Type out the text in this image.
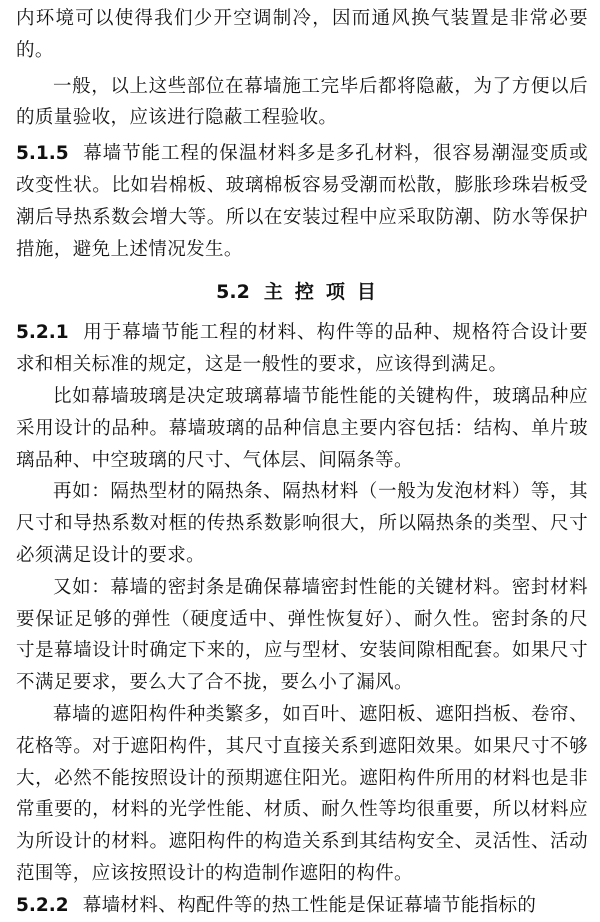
内环境可以使得我们少开空调制冷，因而通风换气装置是非常必要的。

一般，以上这些部位在幕墙施工完毕后都将隐蔽，为了方便以后的质量验收，应该进行隐蔽工程验收。

5.1.5 幕墙节能工程的保温材料多是多孔材料，很容易潮湿变质或改变性状。比如岩棉板、玻璃棉板容易受潮而松散，膨胀珍珠岩板受潮后导热系数会增大等。所以在安装过程中应采取防潮、防水等保护措施，避免上述情况发生。

5.2 主控项目

5.2.1 用于幕墙节能工程的材料、构件等的品种、规格符合设计要求和相关标准的规定，这是一般性的要求，应该得到满足。

比如幕墙玻璃是决定玻璃幕墙节能性能的关键构件，玻璃品种应采用设计的品种。幕墙玻璃的品种信息主要内容包括：结构、单片玻璃品种、中空玻璃的尺寸、气体层、间隔条等。

再如：隔热型材的隔热条、隔热材料（一般为发泡材料）等，其尺寸和导热系数对框的传热系数影响很大，所以隔热条的类型、尺寸必须满足设计的要求。

又如：幕墙的密封条是确保幕墙密封性能的关键材料。密封材料要保证足够的弹性（硬度适中、弹性恢复好）、耐久性。密封条的尺寸是幕墙设计时确定下来的，应与型材、安装间隙相配套。如果尺寸不满足要求，要么大了合不拢，要么小了漏风。

幕墙的遮阳构件种类繁多，如百叶、遮阳板、遮阳挡板、卷帘、花格等。对于遮阳构件，其尺寸直接关系到遮阳效果。如果尺寸不够大，必然不能按照设计的预期遮住阳光。遮阳构件所用的材料也是非常重要的，材料的光学性能、材质、耐久性等均很重要，所以材料应为所设计的材料。遮阳构件的构造关系到其结构安全、灵活性、活动范围等，应该按照设计的构造制作遮阳的构件。

5.2.2 幕墙材料、构配件等的热工性能是保证幕墙节能指标的
